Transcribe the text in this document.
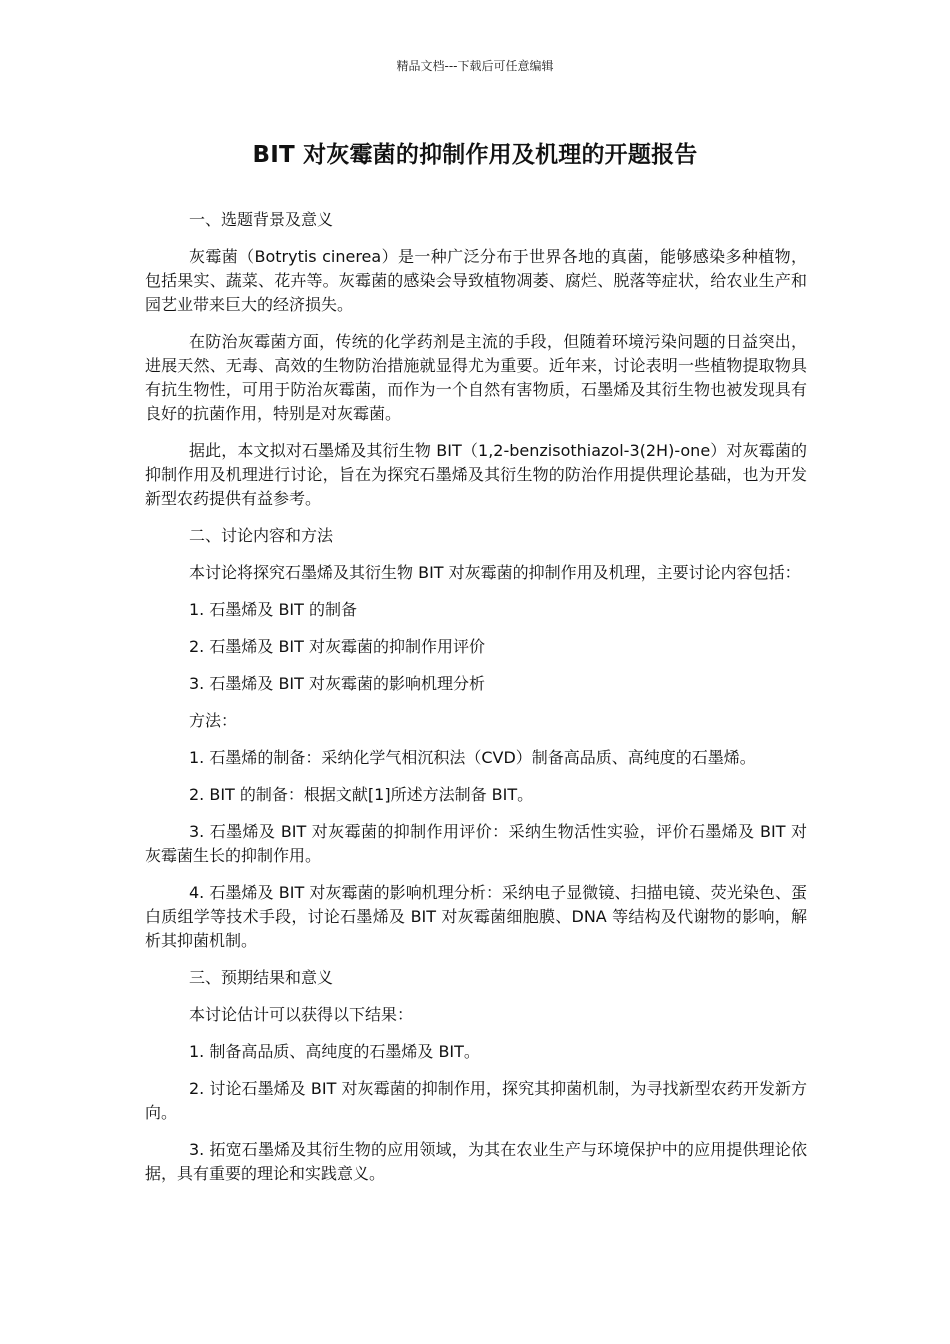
精品文档---下载后可任意编辑
BIT 对灰霉菌的抑制作用及机理的开题报告

一、选题背景及意义

灰霉菌（Botrytis cinerea）是一种广泛分布于世界各地的真菌，能够感染多种植物，包括果实、蔬菜、花卉等。灰霉菌的感染会导致植物凋萎、腐烂、脱落等症状，给农业生产和园艺业带来巨大的经济损失。

在防治灰霉菌方面，传统的化学药剂是主流的手段，但随着环境污染问题的日益突出，进展天然、无毒、高效的生物防治措施就显得尤为重要。近年来，讨论表明一些植物提取物具有抗生物性，可用于防治灰霉菌，而作为一个自然有害物质，石墨烯及其衍生物也被发现具有良好的抗菌作用，特别是对灰霉菌。

据此，本文拟对石墨烯及其衍生物 BIT（1,2-benzisothiazol-3(2H)-one）对灰霉菌的抑制作用及机理进行讨论，旨在为探究石墨烯及其衍生物的防治作用提供理论基础，也为开发新型农药提供有益参考。

二、讨论内容和方法

本讨论将探究石墨烯及其衍生物 BIT 对灰霉菌的抑制作用及机理，主要讨论内容包括：

1. 石墨烯及 BIT 的制备

2. 石墨烯及 BIT 对灰霉菌的抑制作用评价

3. 石墨烯及 BIT 对灰霉菌的影响机理分析

方法：

1. 石墨烯的制备：采纳化学气相沉积法（CVD）制备高品质、高纯度的石墨烯。

2. BIT 的制备：根据文献[1]所述方法制备 BIT。

3. 石墨烯及 BIT 对灰霉菌的抑制作用评价：采纳生物活性实验，评价石墨烯及 BIT 对灰霉菌生长的抑制作用。

4. 石墨烯及 BIT 对灰霉菌的影响机理分析：采纳电子显微镜、扫描电镜、荧光染色、蛋白质组学等技术手段，讨论石墨烯及 BIT 对灰霉菌细胞膜、DNA 等结构及代谢物的影响，解析其抑菌机制。

三、预期结果和意义

本讨论估计可以获得以下结果：

1. 制备高品质、高纯度的石墨烯及 BIT。

2. 讨论石墨烯及 BIT 对灰霉菌的抑制作用，探究其抑菌机制，为寻找新型农药开发新方向。

3. 拓宽石墨烯及其衍生物的应用领域，为其在农业生产与环境保护中的应用提供理论依据，具有重要的理论和实践意义。
